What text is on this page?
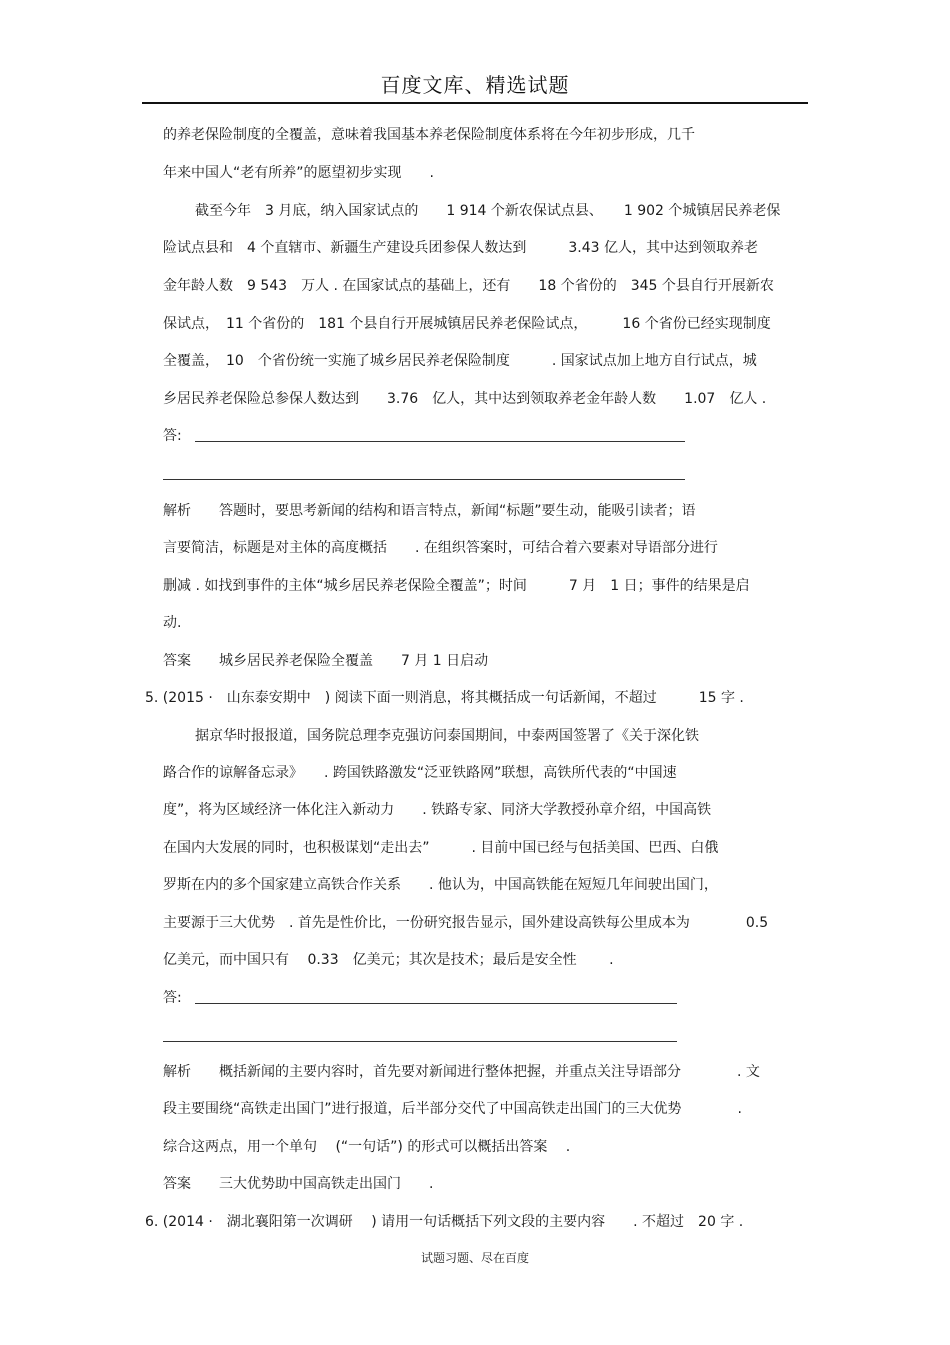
百度文库、精选试题
的养老保险制度的全覆盖，意味着我国基本养老保险制度体系将在今年初步形成，几千
年来中国人“老有所养”的愿望初步实现　　.
截至今年　3 月底，纳入国家试点的　　1 914 个新农保试点县、　　1 902 个城镇居民养老保
险试点县和　4 个直辖市、新疆生产建设兵团参保人数达到　　　3.43 亿人，其中达到领取养老
金年龄人数　9 543　万人 . 在国家试点的基础上，还有　　18 个省份的　345 个县自行开展新农
保试点，　11 个省份的　181 个县自行开展城镇居民养老保险试点，　　　16 个省份已经实现制度
全覆盖，　10　个省份统一实施了城乡居民养老保险制度　　　. 国家试点加上地方自行试点，城
乡居民养老保险总参保人数达到　　3.76　亿人，其中达到领取养老金年龄人数　　1.07　亿人 .
答:
解析　　答题时，要思考新闻的结构和语言特点，新闻“标题”要生动，能吸引读者；语
言要简洁，标题是对主体的高度概括　　. 在组织答案时，可结合着六要素对导语部分进行
删减 . 如找到事件的主体“城乡居民养老保险全覆盖”；时间　　　7 月　1 日；事件的结果是启
动.
答案　　城乡居民养老保险全覆盖　　7 月 1 日启动
5. (2015 ·　山东泰安期中　) 阅读下面一则消息，将其概括成一句话新闻，不超过　　　15 字 .
据京华时报报道，国务院总理李克强访问泰国期间，中泰两国签署了《关于深化铁
路合作的谅解备忘录》　　. 跨国铁路激发“泛亚铁路网”联想，高铁所代表的“中国速
度”，将为区域经济一体化注入新动力　　. 铁路专家、同济大学教授孙章介绍，中国高铁
在国内大发展的同时，也积极谋划“走出去”　　　. 目前中国已经与包括美国、巴西、白俄
罗斯在内的多个国家建立高铁合作关系　　. 他认为，中国高铁能在短短几年间驶出国门，
主要源于三大优势　. 首先是性价比，一份研究报告显示，国外建设高铁每公里成本为　　　　0.5
亿美元，而中国只有　 0.33　亿美元；其次是技术；最后是安全性　　 .
答:
解析　　概括新闻的主要内容时，首先要对新闻进行整体把握，并重点关注导语部分　　　　. 文
段主要围绕“高铁走出国门”进行报道，后半部分交代了中国高铁走出国门的三大优势　　　　.
综合这两点，用一个单句　 (“一句话”) 的形式可以概括出答案　 .
答案　　三大优势助中国高铁走出国门　　.
6. (2014 ·　湖北襄阳第一次调研　 ) 请用一句话概括下列文段的主要内容　　. 不超过　20 字 .
试题习题、尽在百度
